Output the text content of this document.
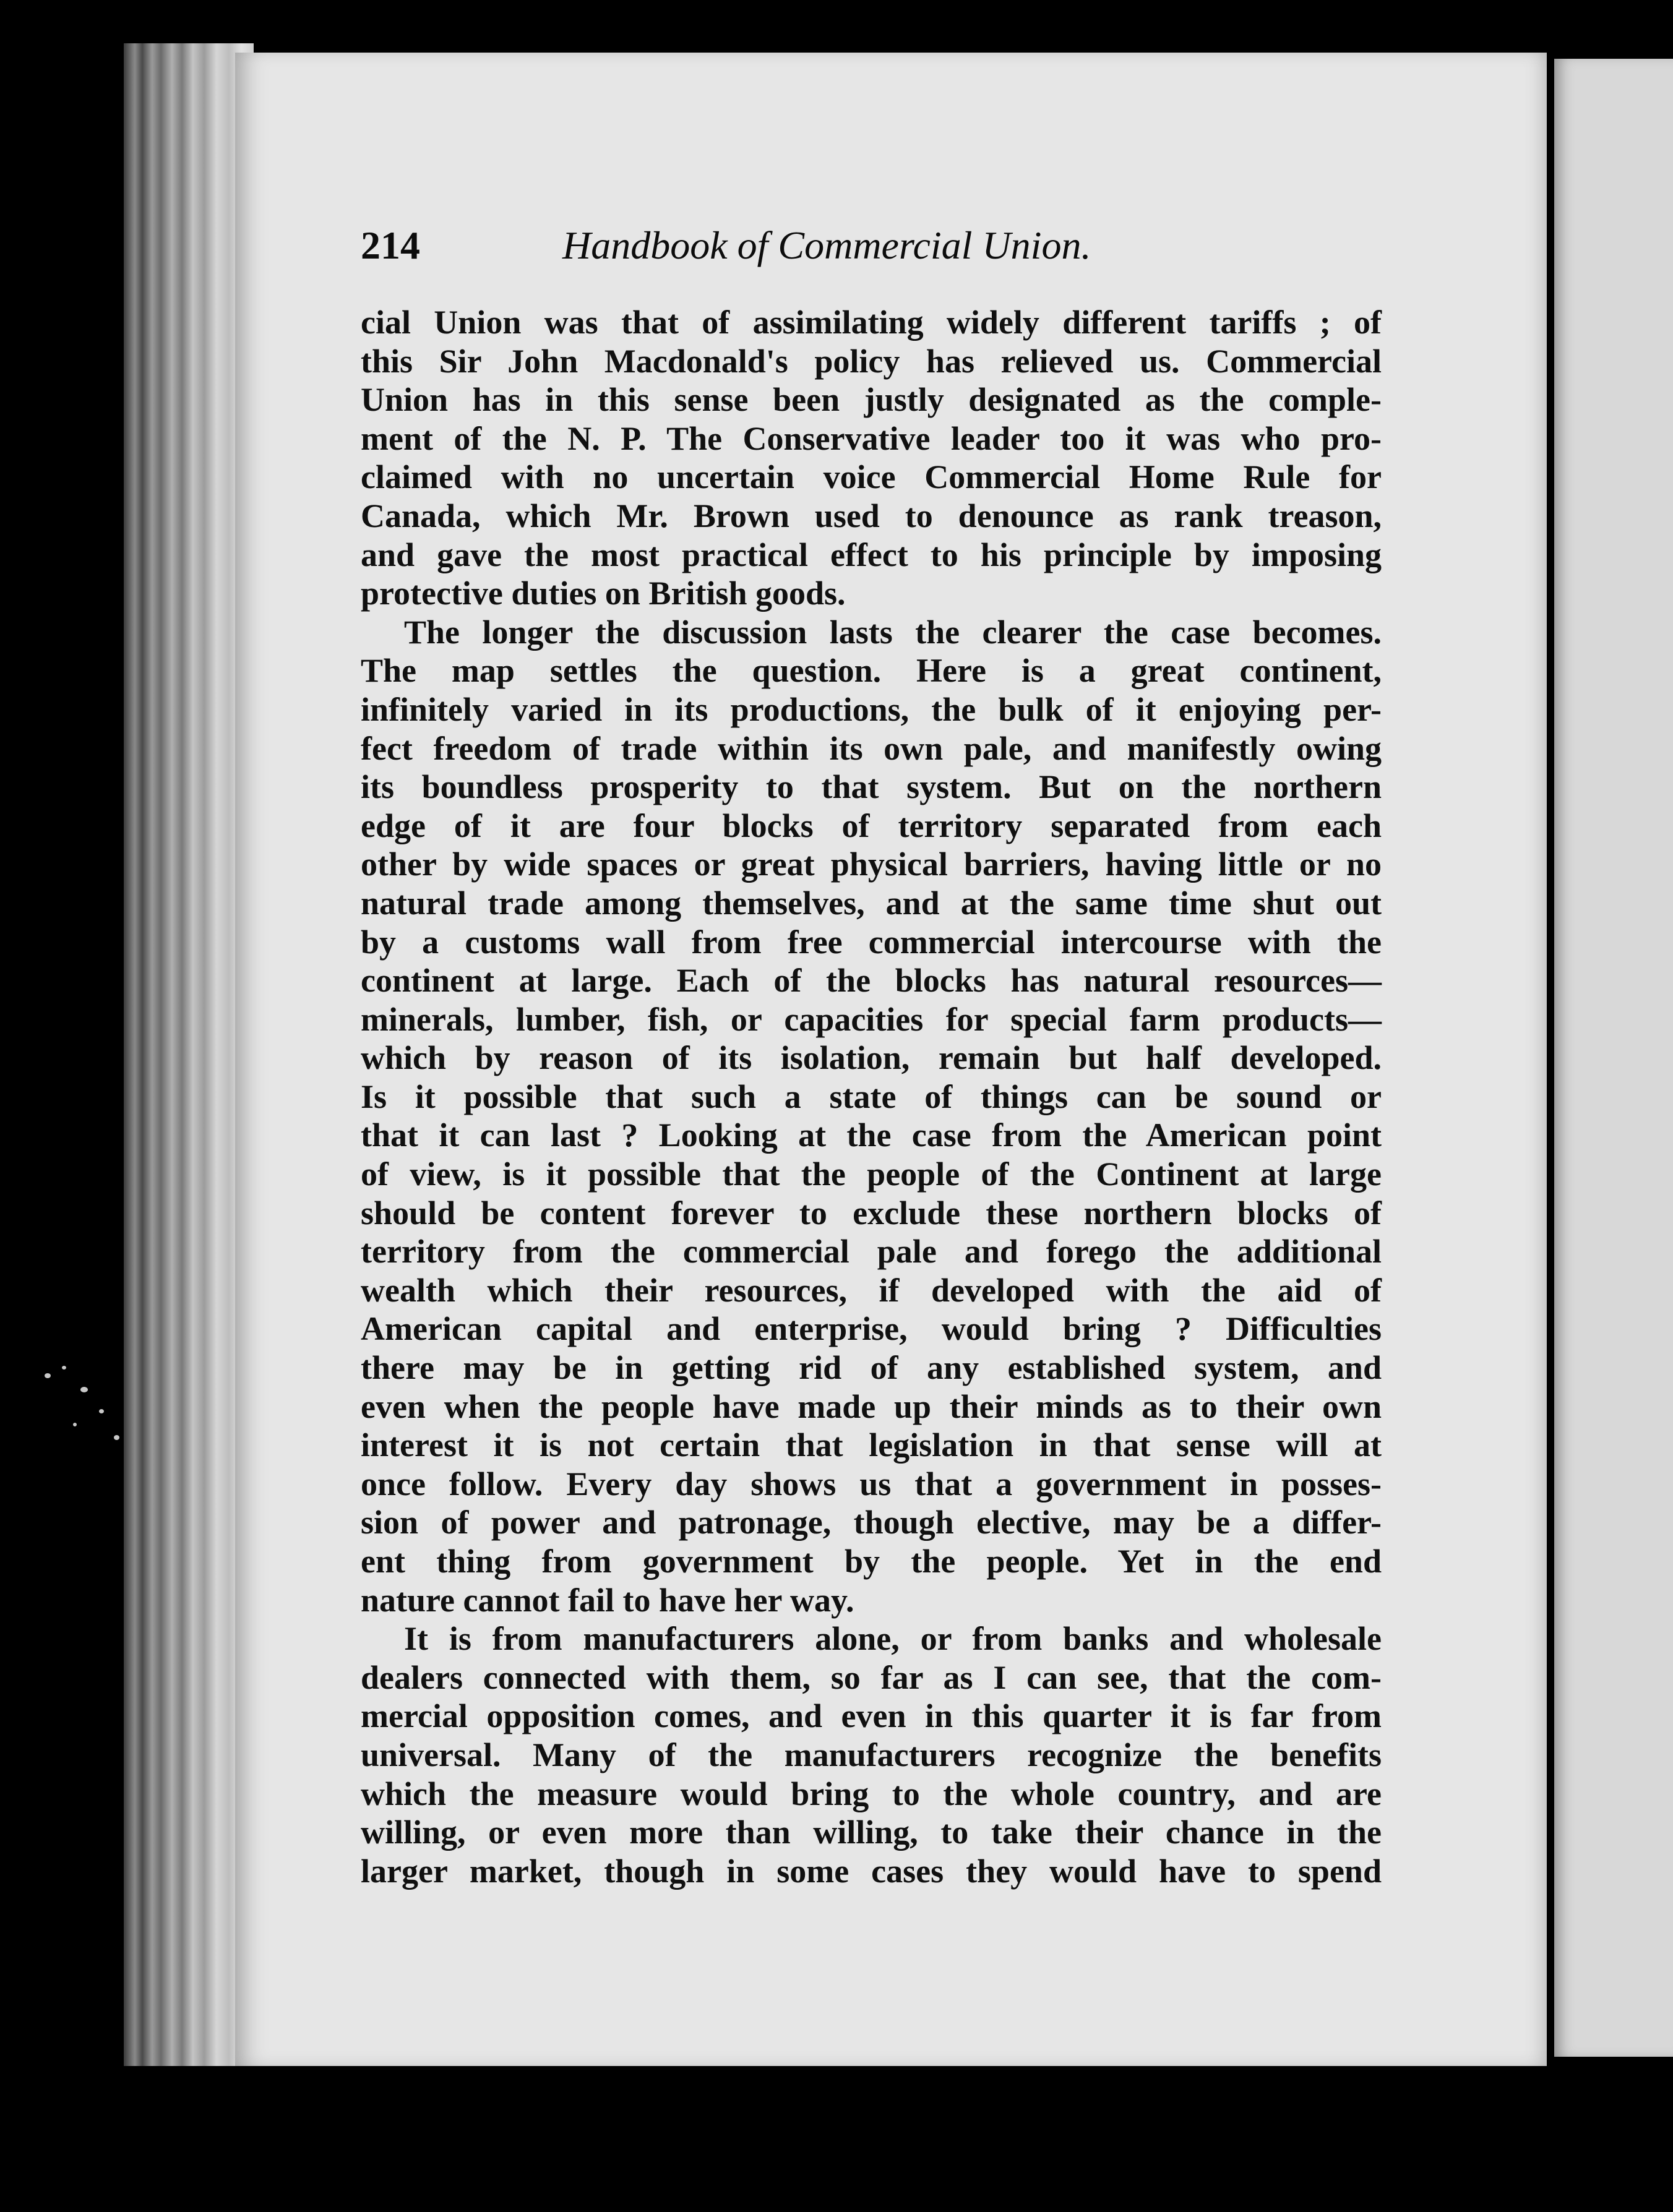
214	Handbook of Commercial Union.
cial Union was that of assimilating widely different tariffs ; of
this Sir John Macdonald's policy has relieved us. Commercial
Union has in this sense been justly designated as the comple-
ment of the N. P. The Conservative leader too it was who pro-
claimed with no uncertain voice Commercial Home Rule for
Canada, which Mr. Brown used to denounce as rank treason,
and gave the most practical effect to his principle by imposing
protective duties on British goods.
The longer the discussion lasts the clearer the case becomes.
The map settles the question. Here is a great continent,
infinitely varied in its productions, the bulk of it enjoying per-
fect freedom of trade within its own pale, and manifestly owing
its boundless prosperity to that system. But on the northern
edge of it are four blocks of territory separated from each
other by wide spaces or great physical barriers, having little or no
natural trade among themselves, and at the same time shut out
by a customs wall from free commercial intercourse with the
continent at large. Each of the blocks has natural resources—
minerals, lumber, fish, or capacities for special farm products—
which by reason of its isolation, remain but half developed.
Is it possible that such a state of things can be sound or
that it can last ? Looking at the case from the American point
of view, is it possible that the people of the Continent at large
should be content forever to exclude these northern blocks of
territory from the commercial pale and forego the additional
wealth which their resources, if developed with the aid of
American capital and enterprise, would bring ? Difficulties
there may be in getting rid of any established system, and
even when the people have made up their minds as to their own
interest it is not certain that legislation in that sense will at
once follow. Every day shows us that a government in posses-
sion of power and patronage, though elective, may be a differ-
ent thing from government by the people. Yet in the end
nature cannot fail to have her way.
It is from manufacturers alone, or from banks and wholesale
dealers connected with them, so far as I can see, that the com-
mercial opposition comes, and even in this quarter it is far from
universal. Many of the manufacturers recognize the benefits
which the measure would bring to the whole country, and are
willing, or even more than willing, to take their chance in the
larger market, though in some cases they would have to spend
